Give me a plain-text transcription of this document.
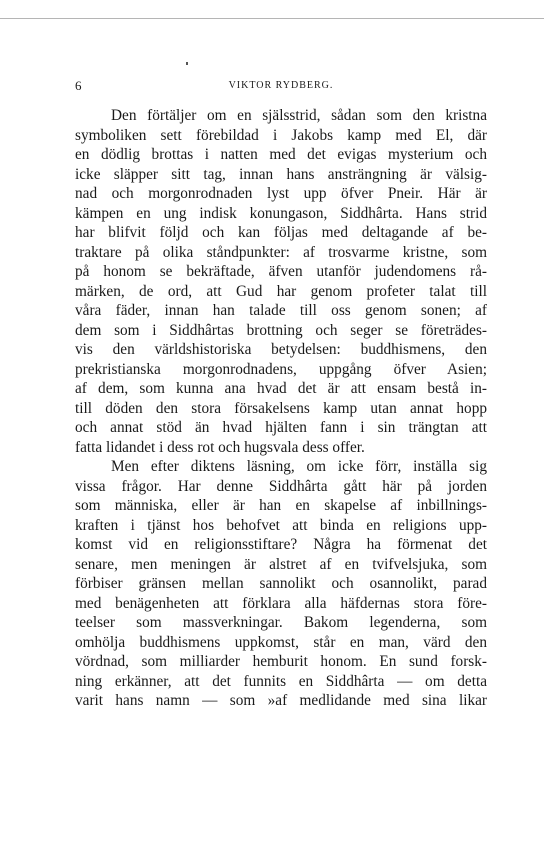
6	VIKTOR RYDBERG.
Den förtäljer om en själsstrid, sådan som den kristna
symboliken sett förebildad i Jakobs kamp med El, där
en dödlig brottas i natten med det evigas mysterium och
icke släpper sitt tag, innan hans ansträngning är välsig-
nad och morgonrodnaden lyst upp öfver Pneir. Här är
kämpen en ung indisk konungason, Siddhârta. Hans strid
har blifvit följd och kan följas med deltagande af be-
traktare på olika ståndpunkter: af trosvarme kristne, som
på honom se bekräftade, äfven utanför judendomens rå-
märken, de ord, att Gud har genom profeter talat till
våra fäder, innan han talade till oss genom sonen; af
dem som i Siddhârtas brottning och seger se företrädes-
vis den världshistoriska betydelsen: buddhismens, den
prekristianska morgonrodnadens, uppgång öfver Asien;
af dem, som kunna ana hvad det är att ensam bestå in-
till döden den stora försakelsens kamp utan annat hopp
och annat stöd än hvad hjälten fann i sin trängtan att
fatta lidandet i dess rot och hugsvala dess offer.
Men efter diktens läsning, om icke förr, inställa sig
vissa frågor. Har denne Siddhârta gått här på jorden
som människa, eller är han en skapelse af inbillnings-
kraften i tjänst hos behofvet att binda en religions upp-
komst vid en religionsstiftare? Några ha förmenat det
senare, men meningen är alstret af en tvifvelsjuka, som
förbiser gränsen mellan sannolikt och osannolikt, parad
med benägenheten att förklara alla häfdernas stora före-
teelser som massverkningar. Bakom legenderna, som
omhölja buddhismens uppkomst, står en man, värd den
vördnad, som milliarder hemburit honom. En sund forsk-
ning erkänner, att det funnits en Siddhârta — om detta
varit hans namn — som »af medlidande med sina likar
